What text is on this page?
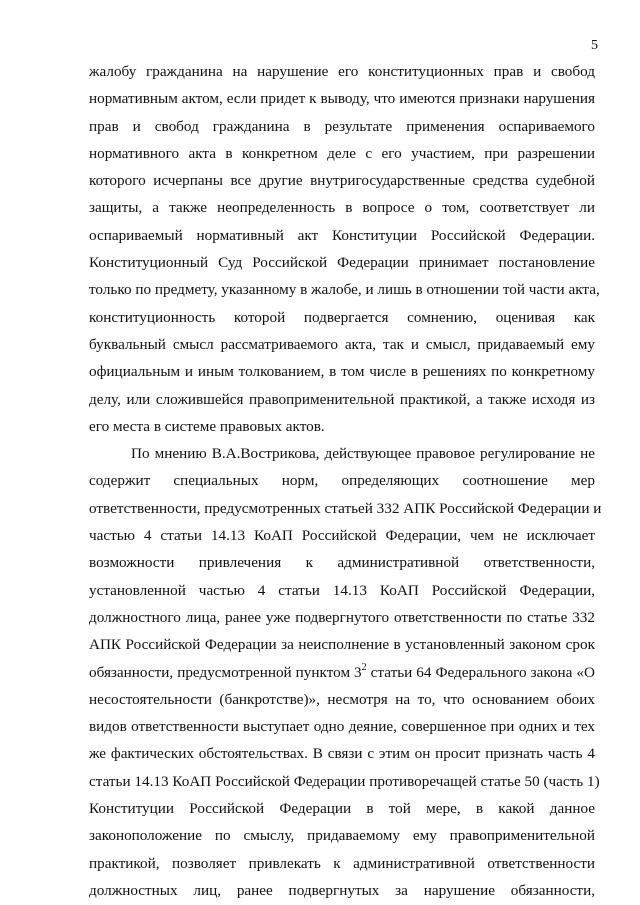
5
жалобу гражданина на нарушение его конституционных прав и свобод
нормативным актом, если придет к выводу, что имеются признаки нарушения
прав и свобод гражданина в результате применения оспариваемого
нормативного акта в конкретном деле с его участием, при разрешении
которого исчерпаны все другие внутригосударственные средства судебной
защиты, а также неопределенность в вопросе о том, соответствует ли
оспариваемый нормативный акт Конституции Российской Федерации.
Конституционный Суд Российской Федерации принимает постановление
только по предмету, указанному в жалобе, и лишь в отношении той части акта,
конституционность которой подвергается сомнению, оценивая как
буквальный смысл рассматриваемого акта, так и смысл, придаваемый ему
официальным и иным толкованием, в том числе в решениях по конкретному
делу, или сложившейся правоприменительной практикой, а также исходя из
его места в системе правовых актов.
По мнению В.А.Вострикова, действующее правовое регулирование не
содержит специальных норм, определяющих соотношение мер
ответственности, предусмотренных статьей 332 АПК Российской Федерации и
частью 4 статьи 14.13 КоАП Российской Федерации, чем не исключает
возможности привлечения к административной ответственности,
установленной частью 4 статьи 14.13 КоАП Российской Федерации,
должностного лица, ранее уже подвергнутого ответственности по статье 332
АПК Российской Федерации за неисполнение в установленный законом срок
обязанности, предусмотренной пунктом $3^2$ статьи 64 Федерального закона «О
несостоятельности (банкротстве)», несмотря на то, что основанием обоих
видов ответственности выступает одно деяние, совершенное при одних и тех
же фактических обстоятельствах. В связи с этим он просит признать часть 4
статьи 14.13 КоАП Российской Федерации противоречащей статье 50 (часть 1)
Конституции Российской Федерации в той мере, в какой данное
законоположение по смыслу, придаваемому ему правоприменительной
практикой, позволяет привлекать к административной ответственности
должностных лиц, ранее подвергнутых за нарушение обязанности,
